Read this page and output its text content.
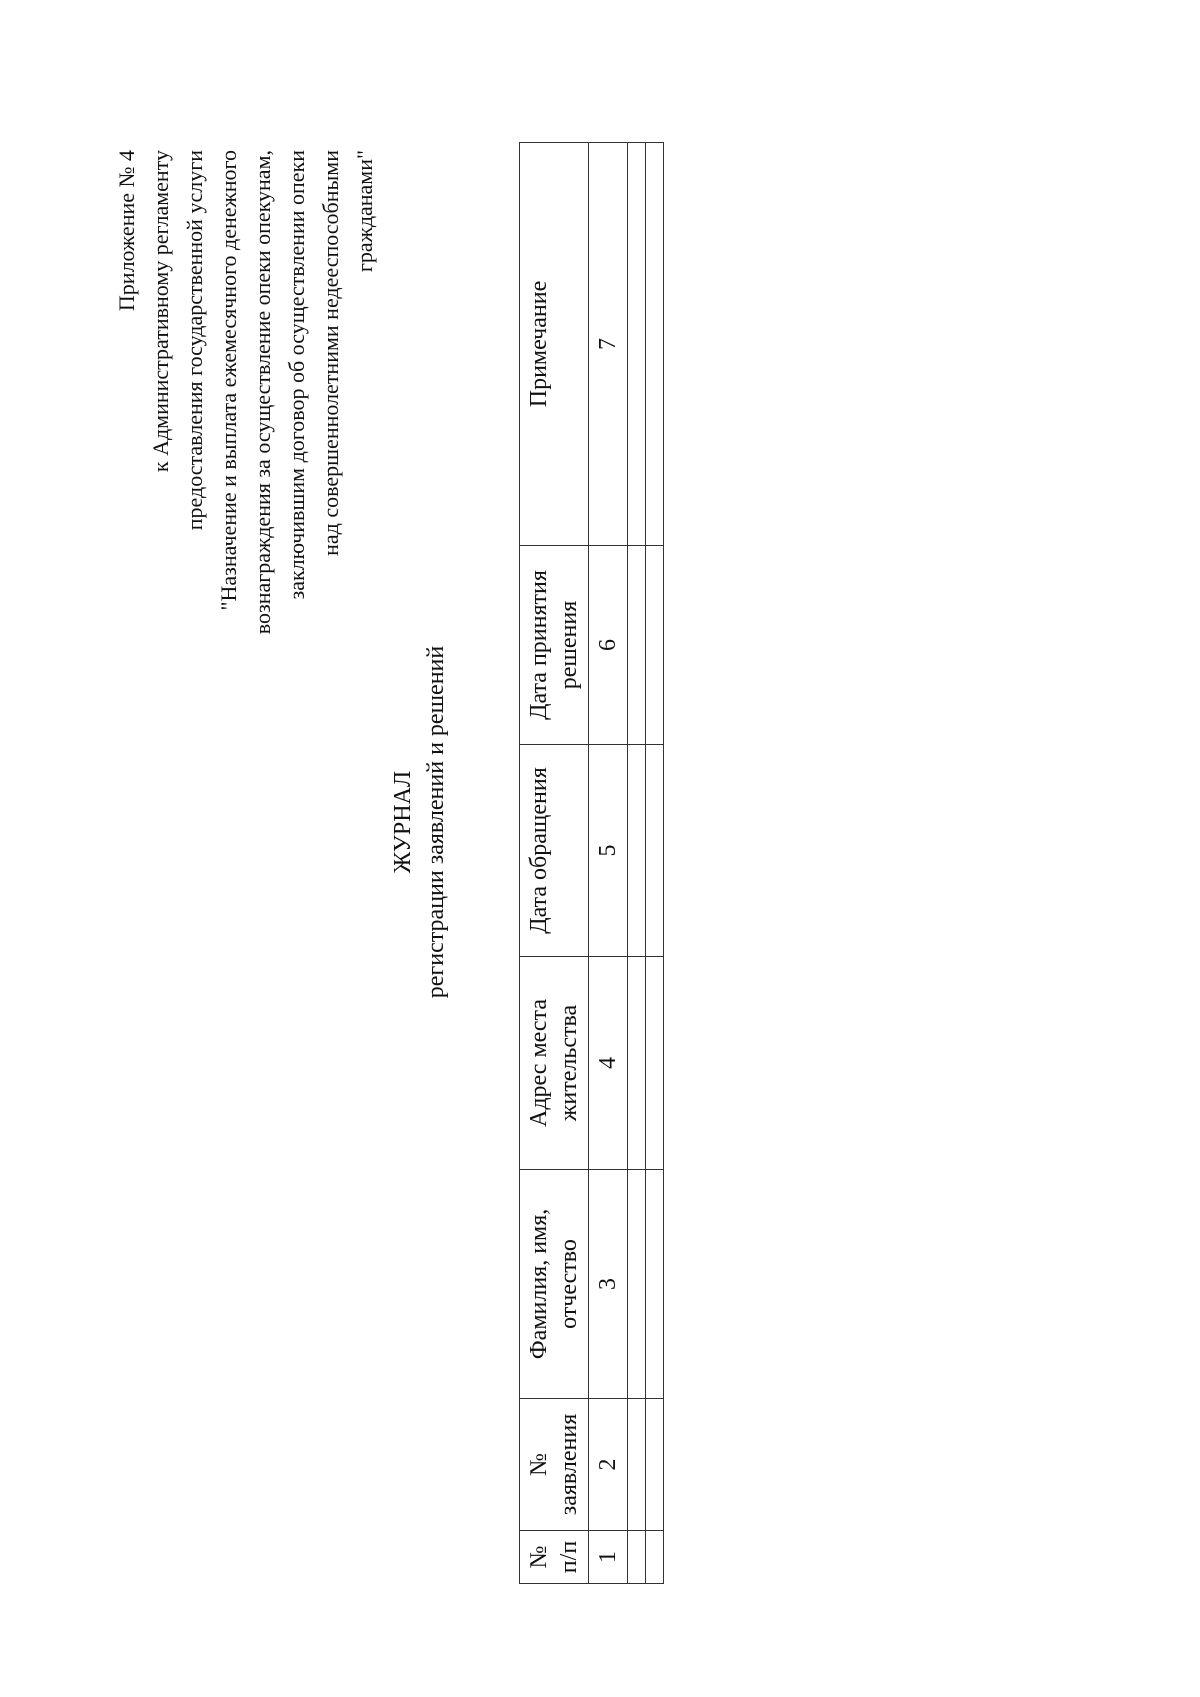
Приложение № 4 к Административному регламенту предоставления государственной услуги "Назначение и выплата ежемесячного денежного вознаграждения за осуществление опеки опекунам, заключившим договор об осуществлении опеки над совершеннолетними недееспособными гражданами"
ЖУРНАЛ регистрации заявлений и решений
№ п/п	№ заявления	Фамилия, имя, отчество	Адрес места жительства	Дата обращения	Дата принятия решения	Примечание
1	2	3	4	5	6	7
